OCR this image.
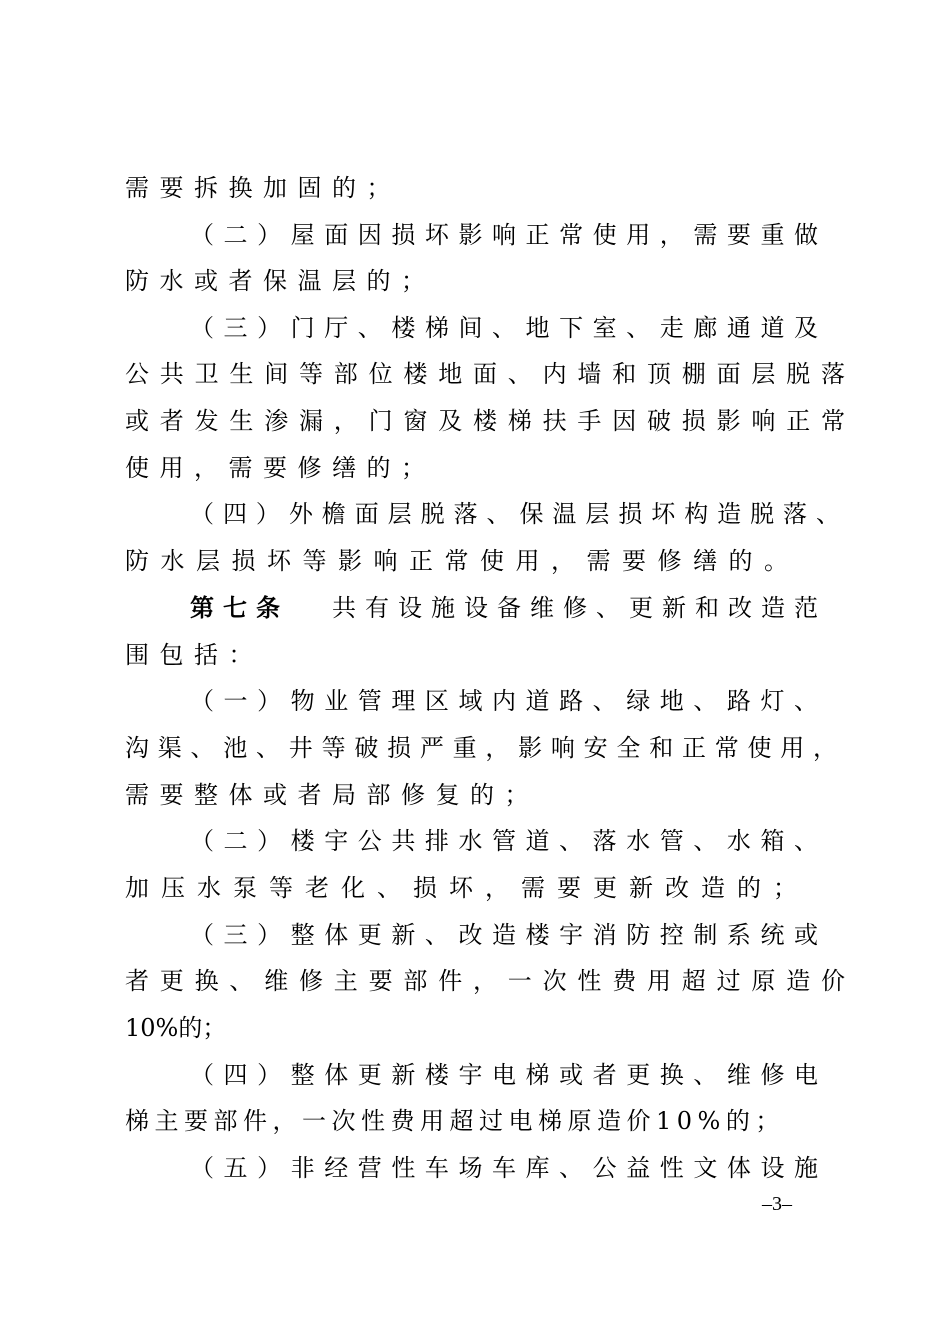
需要拆换加固的；
（二）屋面因损坏影响正常使用，需要重做
防水或者保温层的；
（三）门厅、楼梯间、地下室、走廊通道及
公共卫生间等部位楼地面、内墙和顶棚面层脱落
或者发生渗漏，门窗及楼梯扶手因破损影响正常
使用，需要修缮的；
（四）外檐面层脱落、保温层损坏构造脱落、
防水层损坏等影响正常使用，需要修缮的。
第七条 共有设施设备维修、更新和改造范
围包括：
（一）物业管理区域内道路、绿地、路灯、
沟渠、池、井等破损严重，影响安全和正常使用，
需要整体或者局部修复的；
（二）楼宇公共排水管道、落水管、水箱、
加压水泵等老化、损坏，需要更新改造的；
（三）整体更新、改造楼宇消防控制系统或
者更换、维修主要部件，一次性费用超过原造价
10%的；
（四）整体更新楼宇电梯或者更换、维修电
梯主要部件，一次性费用超过电梯原造价10%的；
（五）非经营性车场车库、公益性文体设施
–3–
